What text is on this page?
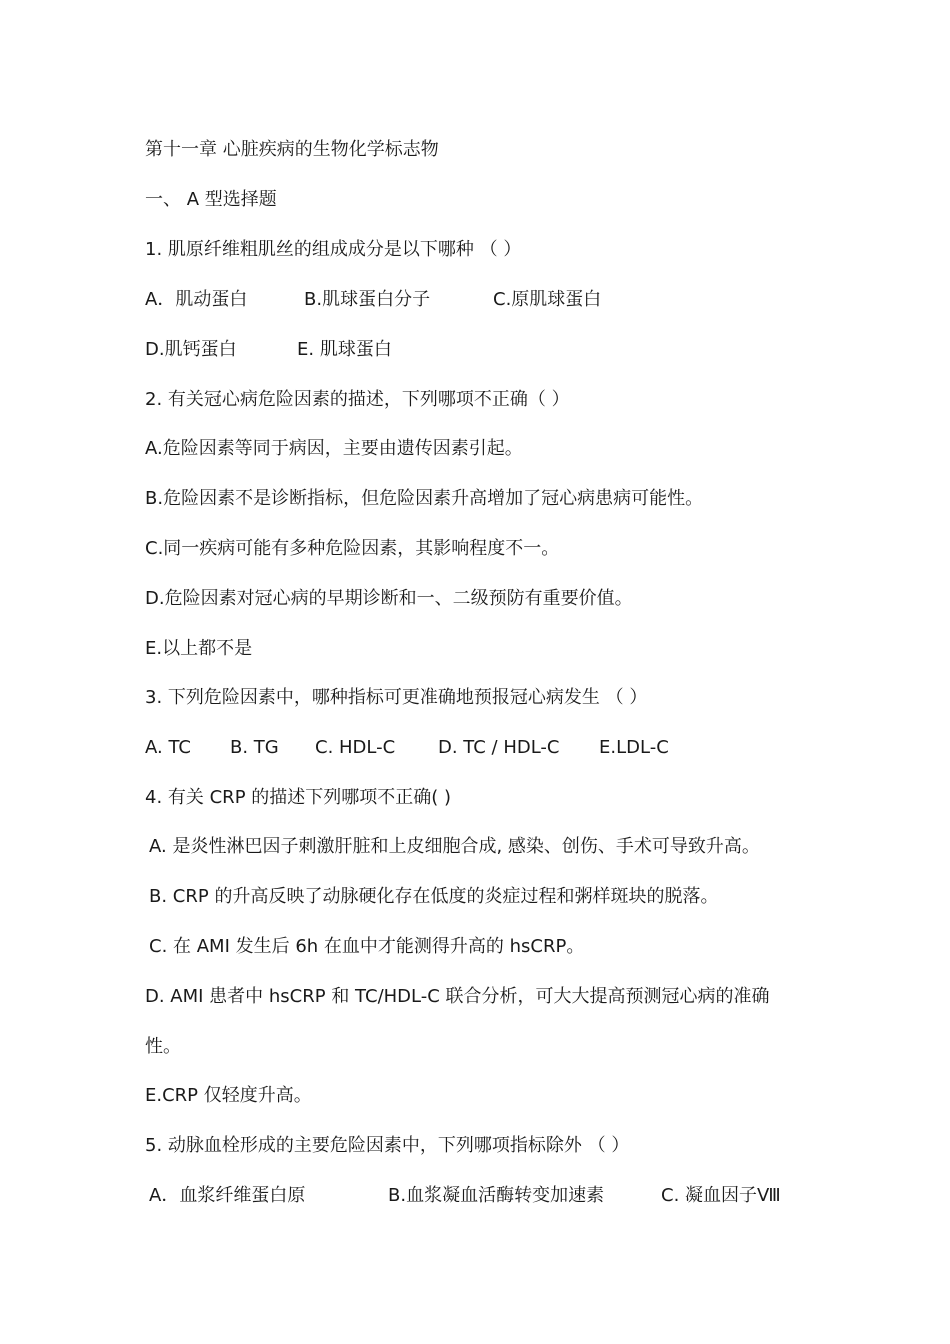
第十一章 心脏疾病的生物化学标志物
一、 A 型选择题
1. 肌原纤维粗肌丝的组成成分是以下哪种 （ ）
A．肌动蛋白	B.肌球蛋白分子	C.原肌球蛋白
D.肌钙蛋白	E. 肌球蛋白
2. 有关冠心病危险因素的描述，下列哪项不正确（ ）
A.危险因素等同于病因，主要由遗传因素引起。
B.危险因素不是诊断指标，但危险因素升高增加了冠心病患病可能性。
C.同一疾病可能有多种危险因素，其影响程度不一。
D.危险因素对冠心病的早期诊断和一、二级预防有重要价值。
E.以上都不是
3. 下列危险因素中，哪种指标可更准确地预报冠心病发生 （ ）
A. TC B. TG C. HDL-C D. TC / HDL-C E.LDL-C
4. 有关 CRP 的描述下列哪项不正确( )
A. 是炎性淋巴因子刺激肝脏和上皮细胞合成, 感染、创伤、手术可导致升高。
B. CRP 的升高反映了动脉硬化存在低度的炎症过程和粥样斑块的脱落。
C. 在 AMI 发生后 6h 在血中才能测得升高的 hsCRP。
D. AMI 患者中 hsCRP 和 TC/HDL-C 联合分析，可大大提高预测冠心病的准确
性。
E.CRP 仅轻度升高。
5. 动脉血栓形成的主要危险因素中，下列哪项指标除外 （ ）
A．血浆纤维蛋白原	B.血浆凝血活酶转变加速素	C. 凝血因子Ⅷ
